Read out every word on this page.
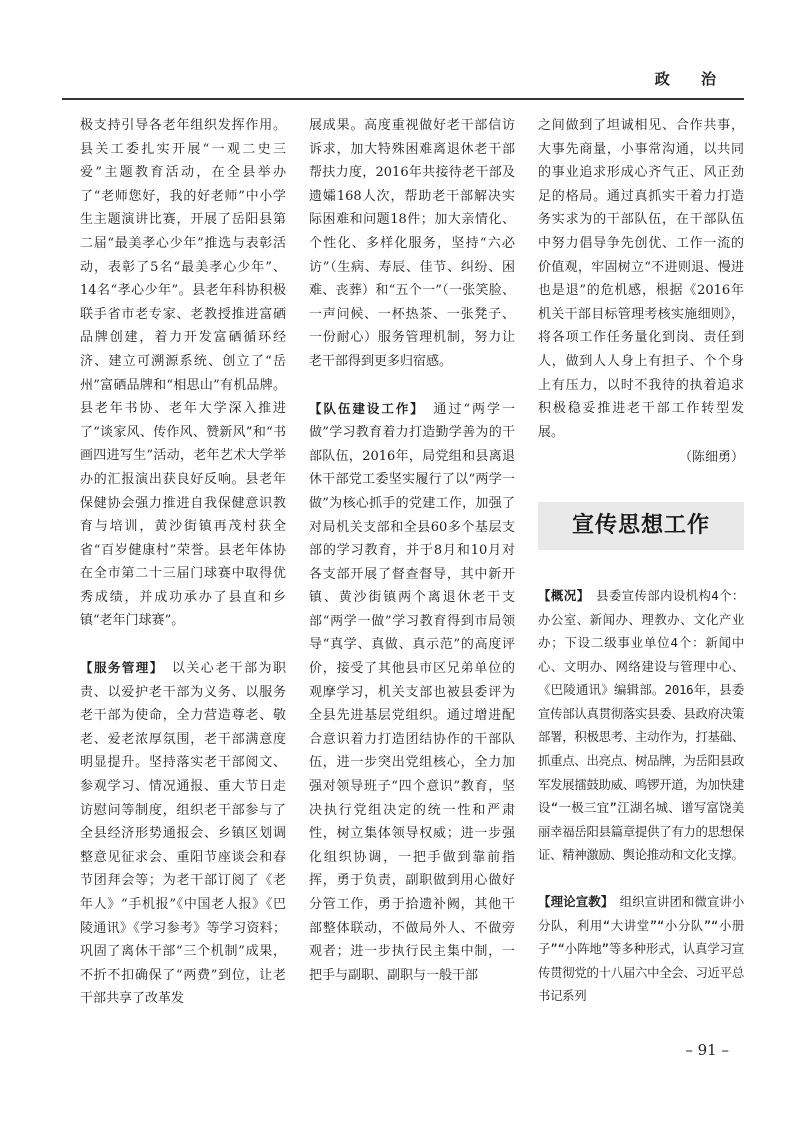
政 治

极支持引导各老年组织发挥作用。县关工委扎实开展“一观二史三爱”主题教育活动，在全县举办了“老师您好，我的好老师”中小学生主题演讲比赛，开展了岳阳县第二届“最美孝心少年”推选与表彰活动，表彰了5名“最美孝心少年”、14名“孝心少年”。县老年科协积极联手省市老专家、老教授推进富硒品牌创建，着力开发富硒循环经济、建立可溯源系统、创立了“岳州”富硒品牌和“相思山”有机品牌。县老年书协、老年大学深入推进了“谈家风、传作风、赞新风”和“书画四进写生”活动，老年艺术大学举办的汇报演出获良好反响。县老年保健协会强力推进自我保健意识教育与培训，黄沙街镇再茂村获全省“百岁健康村”荣誉。县老年体协在全市第二十三届门球赛中取得优秀成绩，并成功承办了县直和乡镇“老年门球赛”。

【服务管理】　 以关心老干部为职责、以爱护老干部为义务、以服务老干部为使命，全力营造尊老、敬老、爱老浓厚氛围，老干部满意度明显提升。坚持落实老干部阅文、参观学习、情况通报、重大节日走访慰问等制度，组织老干部参与了全县经济形势通报会、乡镇区划调整意见征求会、重阳节座谈会和春节团拜会等；为老干部订阅了《老年人》“手机报”《中国老人报》《巴陵通讯》《学习参考》等学习资料；巩固了离休干部“三个机制”成果，不折不扣确保了“两费”到位，让老干部共享了改革发

展成果。高度重视做好老干部信访诉求，加大特殊困难离退休老干部帮扶力度，2016年共接待老干部及遗孀168人次，帮助老干部解决实际困难和问题18件；加大亲情化、个性化、多样化服务，坚持“六必访”（生病、寿辰、佳节、纠纷、困难、丧葬）和“五个一”（一张笑脸、一声问候、一杯热茶、一张凳子、一份耐心）服务管理机制，努力让老干部得到更多归宿感。

【队伍建设工作】　 通过“两学一做”学习教育着力打造勤学善为的干部队伍，2016年，局党组和县离退休干部党工委坚实履行了以“两学一做”为核心抓手的党建工作，加强了对局机关支部和全县60多个基层支部的学习教育，并于8月和10月对各支部开展了督查督导，其中新开镇、黄沙街镇两个离退休老干支部“两学一做”学习教育得到市局领导“真学、真做、真示范”的高度评价，接受了其他县市区兄弟单位的观摩学习，机关支部也被县委评为全县先进基层党组织。通过增进配合意识着力打造团结协作的干部队伍，进一步突出党组核心，全力加强对领导班子“四个意识”教育，坚决执行党组决定的统一性和严肃性，树立集体领导权威；进一步强化组织协调，一把手做到靠前指挥，勇于负责，副职做到用心做好分管工作，勇于拾遗补阙，其他干部整体联动，不做局外人、不做旁观者；进一步执行民主集中制，一把手与副职、副职与一般干部

之间做到了坦诚相见、合作共事，大事先商量，小事常沟通，以共同的事业追求形成心齐气正、风正劲足的格局。通过真抓实干着力打造务实求为的干部队伍，在干部队伍中努力倡导争先创优、工作一流的价值观，牢固树立“不进则退、慢进也是退”的危机感，根据《2016年机关干部目标管理考核实施细则》，将各项工作任务量化到岗、责任到人，做到人人身上有担子、个个身上有压力，以时不我待的执着追求积极稳妥推进老干部工作转型发展。

（陈细勇）
宣传思想工作

【概况】　 县委宣传部内设机构4个：办公室、新闻办、理教办、文化产业办；下设二级事业单位4个：新闻中心、文明办、网络建设与管理中心、《巴陵通讯》编辑部。2016年，县委宣传部认真贯彻落实县委、县政府决策部署，积极思考、主动作为，打基础、抓重点、出亮点、树品牌，为岳阳县政军发展擂鼓助威、鸣锣开道，为加快建设“一极三宜”江湖名城、谱写富饶美丽幸福岳阳县篇章提供了有力的思想保证、精神激励、舆论推动和文化支撑。

【理论宣教】　 组织宣讲团和微宣讲小分队，利用“大讲堂”“小分队”“小册子”“小阵地”等多种形式，认真学习宣传贯彻党的十八届六中全会、习近平总书记系列

– 91 –
